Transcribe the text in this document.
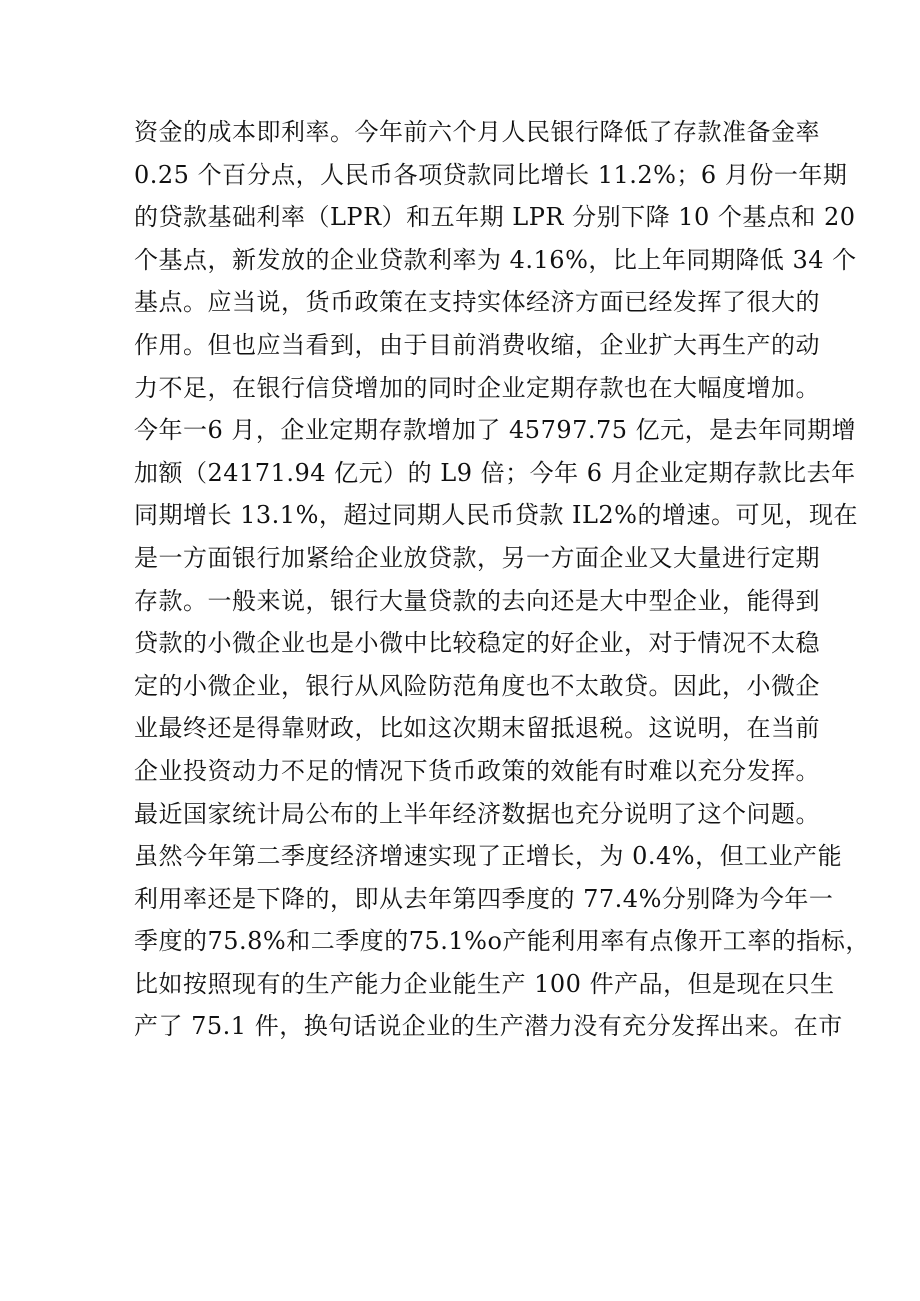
资金的成本即利率。今年前六个月人民银行降低了存款准备金率
0.25 个百分点，人民币各项贷款同比增长 11.2%；6 月份一年期
的贷款基础利率（LPR）和五年期 LPR 分别下降 10 个基点和 20
个基点，新发放的企业贷款利率为 4.16%，比上年同期降低 34 个
基点。应当说，货币政策在支持实体经济方面已经发挥了很大的
作用。但也应当看到，由于目前消费收缩，企业扩大再生产的动
力不足，在银行信贷增加的同时企业定期存款也在大幅度增加。
今年一6 月，企业定期存款增加了 45797.75 亿元，是去年同期增
加额（24171.94 亿元）的 L9 倍；今年 6 月企业定期存款比去年
同期增长 13.1%，超过同期人民币贷款 IL2%的增速。可见，现在
是一方面银行加紧给企业放贷款，另一方面企业又大量进行定期
存款。一般来说，银行大量贷款的去向还是大中型企业，能得到
贷款的小微企业也是小微中比较稳定的好企业，对于情况不太稳
定的小微企业，银行从风险防范角度也不太敢贷。因此，小微企
业最终还是得靠财政，比如这次期末留抵退税。这说明，在当前
企业投资动力不足的情况下货币政策的效能有时难以充分发挥。
最近国家统计局公布的上半年经济数据也充分说明了这个问题。
虽然今年第二季度经济增速实现了正增长，为 0.4%，但工业产能
利用率还是下降的，即从去年第四季度的 77.4%分别降为今年一
季度的75.8%和二季度的75.1%o产能利用率有点像开工率的指标，
比如按照现有的生产能力企业能生产 100 件产品，但是现在只生
产了 75.1 件，换句话说企业的生产潜力没有充分发挥出来。在市
